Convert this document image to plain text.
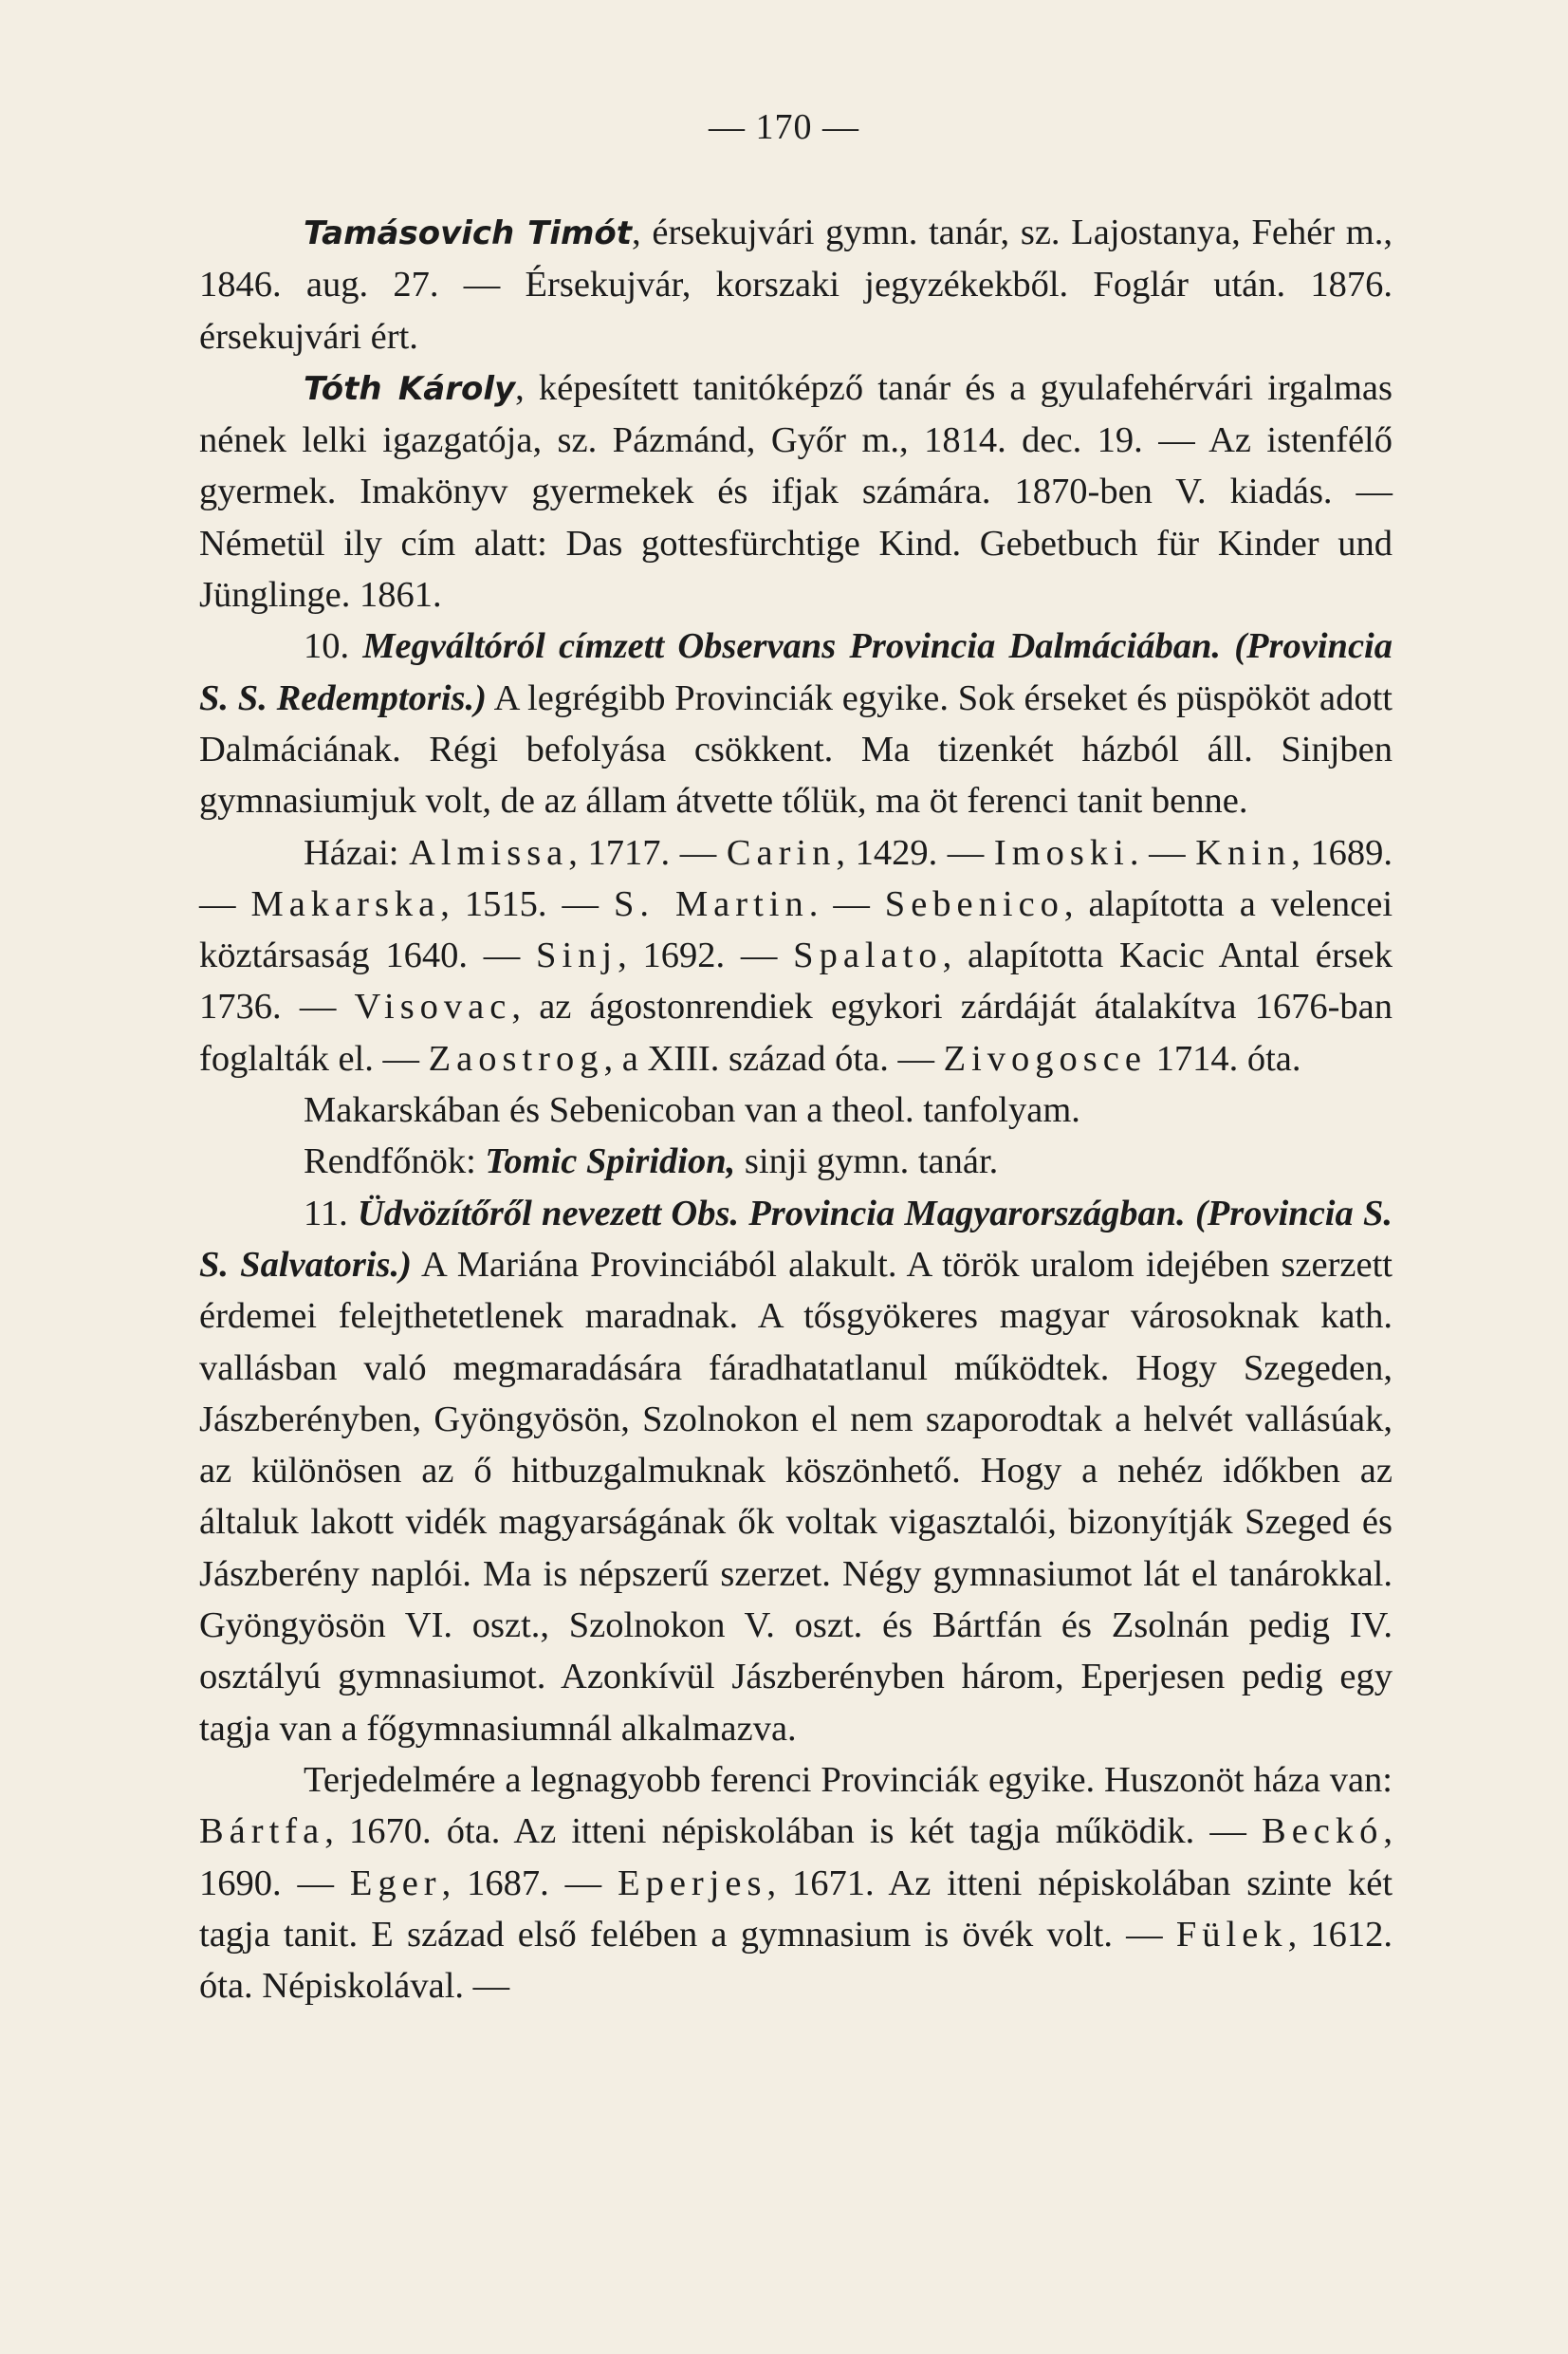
— 170 —

Tamásovich Timót, érsekujvári gymn. tanár, sz. Lajostanya, Fehér m., 1846. aug. 27. — Érsekujvár, korszaki jegyzékekből. Foglár után. 1876. érsekujvári ért.

Tóth Károly, képesített tanitóképző tanár és a gyulafehérvári irgalmas nének lelki igazgatója, sz. Pázmánd, Győr m., 1814. dec. 19. — Az istenfélő gyermek. Imakönyv gyermekek és ifjak számára. 1870-ben V. kiadás. — Németül ily cím alatt: Das gottesfürchtige Kind. Gebetbuch für Kinder und Jünglinge. 1861.

10. Megváltóról címzett Observans Provincia Dalmáciában. (Provincia S. S. Redemptoris.) A legrégibb Provinciák egyike. Sok érseket és püspököt adott Dalmáciának. Régi befolyása csökkent. Ma tizenkét házból áll. Sinjben gymnasiumjuk volt, de az állam átvette tőlük, ma öt ferenci tanit benne.

Házai: Almissa, 1717. — Carin, 1429. — Imoski. — Knin, 1689. — Makarska, 1515. — S. Martin. — Sebenico, alapította a velencei köztársaság 1640. — Sinj, 1692. — Spalato, alapította Kacic Antal érsek 1736. — Visovac, az ágostonrendiek egykori zárdáját átalakítva 1676-ban foglalták el. — Zaostrog, a XIII. század óta. — Zivogosce 1714. óta.

Makarskában és Sebenicoban van a theol. tanfolyam.

Rendfőnök: Tomic Spiridion, sinji gymn. tanár.

11. Üdvözítőről nevezett Obs. Provincia Magyarországban. (Provincia S. S. Salvatoris.) A Mariána Provinciából alakult. A török uralom idejében szerzett érdemei felejthetetlenek maradnak. A tősgyökeres magyar városoknak kath. vallásban való megmaradására fáradhatatlanul működtek. Hogy Szegeden, Jászberényben, Gyöngyösön, Szolnokon el nem szaporodtak a helvét vallásúak, az különösen az ő hitbuzgalmuknak köszönhető. Hogy a nehéz időkben az általuk lakott vidék magyarságának ők voltak vigasztalói, bizonyítják Szeged és Jászberény naplói. Ma is népszerű szerzet. Négy gymnasiumot lát el tanárokkal. Gyöngyösön VI. oszt., Szolnokon V. oszt. és Bártfán és Zsolnán pedig IV. osztályú gymnasiumot. Azonkívül Jászberényben három, Eperjesen pedig egy tagja van a főgymnasiumnál alkalmazva.

Terjedelmére a legnagyobb ferenci Provinciák egyike. Huszonöt háza van: Bártfa, 1670. óta. Az itteni népiskolában is két tagja működik. — Beckó, 1690. — Eger, 1687. — Eperjes, 1671. Az itteni népiskolában szinte két tagja tanit. E század első felében a gymnasium is övék volt. — Fülek, 1612. óta. Népiskolával. —
